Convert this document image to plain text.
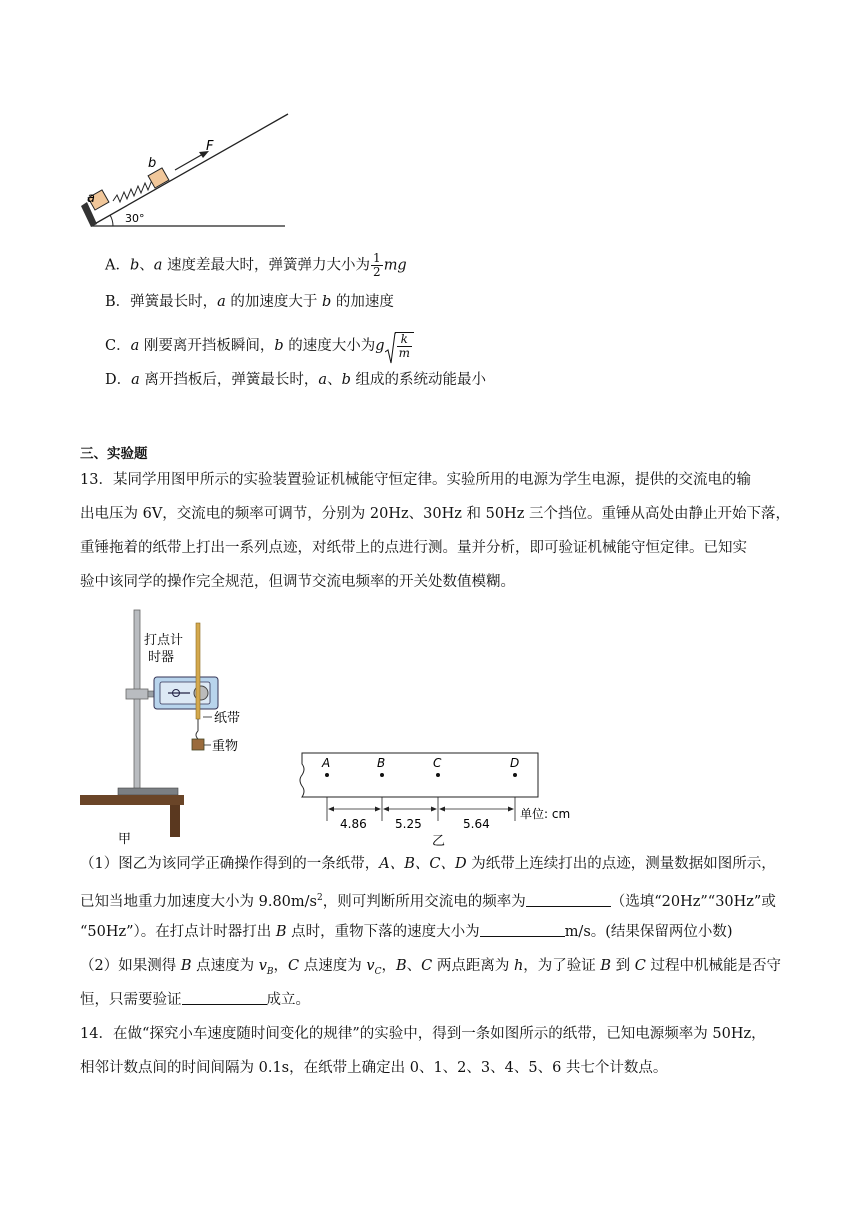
a
b
F
30°
A．b、a 速度差最大时，弹簧弹力大小为 $\frac{1}{2}$ mg
B．弹簧最长时，a 的加速度大于 b 的加速度
C．a 刚要离开挡板瞬间，b 的速度大小为g $\frac{k}{m}$
D．a 离开挡板后，弹簧最长时，a、b 组成的系统动能最小
三、实验题
13．某同学用图甲所示的实验装置验证机械能守恒定律。实验所用的电源为学生电源，提供的交流电的输
出电压为 6V，交流电的频率可调节，分别为 20Hz、30Hz 和 50Hz 三个挡位。重锤从高处由静止开始下落，
重锤拖着的纸带上打出一系列点迹，对纸带上的点进行测。量并分析，即可验证机械能守恒定律。已知实
验中该同学的操作完全规范，但调节交流电频率的开关处数值模糊。
打点计
时器
纸带
重物
甲
A	B	C	D
4.86 5.25	5.64
单位: cm
乙
（1）图乙为该同学正确操作得到的一条纸带，A、B、C、D 为纸带上连续打出的点迹，测量数据如图所示，
已知当地重力加速度大小为 $9.80m/s^2$，则可判断所用交流电的频率为	（选填“20Hz”“30Hz”或
“50Hz”）。在打点计时器打出 B 点时，重物下落的速度大小为	m/s。(结果保留两位小数)
（2）如果测得 B 点速度为 $v_B$，C 点速度为 $v_C$，B、C 两点距离为 h，为了验证 B 到 C 过程中机械能是否守
恒，只需要验证	成立。
14．在做“探究小车速度随时间变化的规律”的实验中，得到一条如图所示的纸带，已知电源频率为 50Hz，
相邻计数点间的时间间隔为 0.1s，在纸带上确定出 0、1、2、3、4、5、6 共七个计数点。
